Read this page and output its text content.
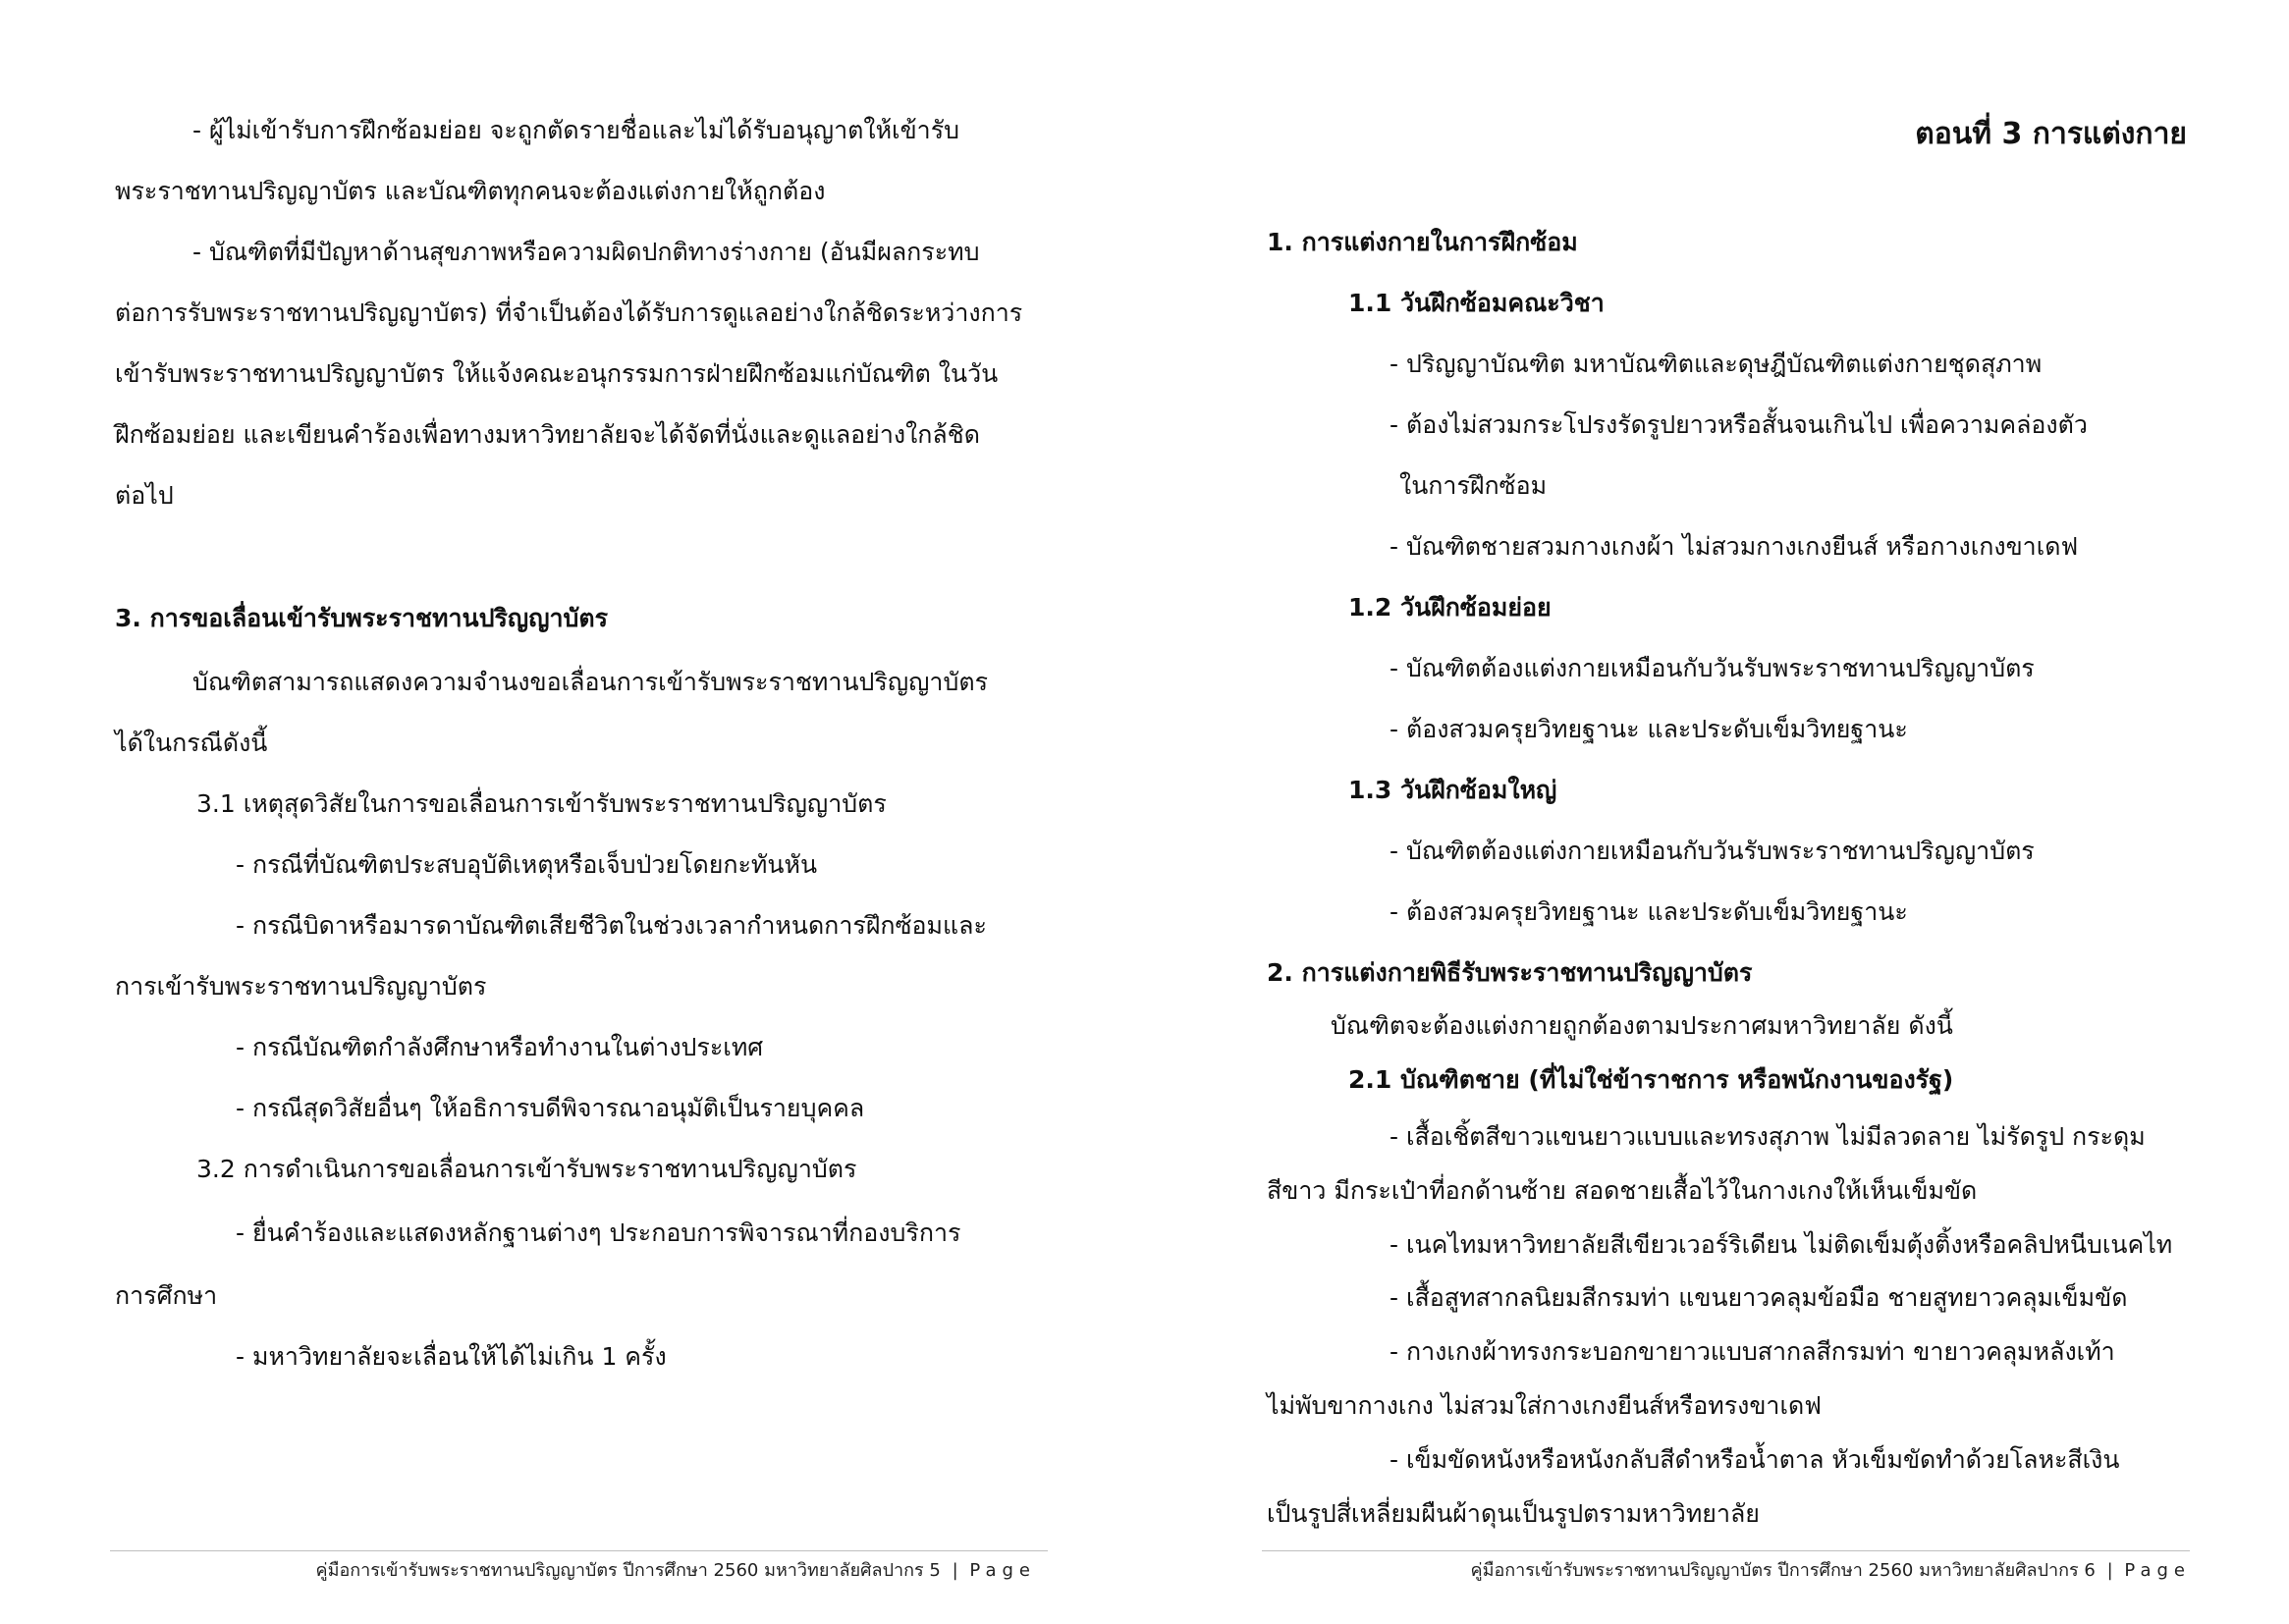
- ผู้ไม่เข้ารับการฝึกซ้อมย่อย จะถูกตัดรายชื่อและไม่ได้รับอนุญาตให้เข้ารับ
พระราชทานปริญญาบัตร และบัณฑิตทุกคนจะต้องแต่งกายให้ถูกต้อง
- บัณฑิตที่มีปัญหาด้านสุขภาพหรือความผิดปกติทางร่างกาย (อันมีผลกระทบ
ต่อการรับพระราชทานปริญญาบัตร) ที่จำเป็นต้องได้รับการดูแลอย่างใกล้ชิดระหว่างการ
เข้ารับพระราชทานปริญญาบัตร ให้แจ้งคณะอนุกรรมการฝ่ายฝึกซ้อมแก่บัณฑิต ในวัน
ฝึกซ้อมย่อย และเขียนคำร้องเพื่อทางมหาวิทยาลัยจะได้จัดที่นั่งและดูแลอย่างใกล้ชิด
ต่อไป
3. การขอเลื่อนเข้ารับพระราชทานปริญญาบัตร
บัณฑิตสามารถแสดงความจำนงขอเลื่อนการเข้ารับพระราชทานปริญญาบัตร
ได้ในกรณีดังนี้
3.1 เหตุสุดวิสัยในการขอเลื่อนการเข้ารับพระราชทานปริญญาบัตร
- กรณีที่บัณฑิตประสบอุบัติเหตุหรือเจ็บป่วยโดยกะทันหัน
- กรณีบิดาหรือมารดาบัณฑิตเสียชีวิตในช่วงเวลากำหนดการฝึกซ้อมและ
การเข้ารับพระราชทานปริญญาบัตร
- กรณีบัณฑิตกำลังศึกษาหรือทำงานในต่างประเทศ
- กรณีสุดวิสัยอื่นๆ ให้อธิการบดีพิจารณาอนุมัติเป็นรายบุคคล
3.2 การดำเนินการขอเลื่อนการเข้ารับพระราชทานปริญญาบัตร
- ยื่นคำร้องและแสดงหลักฐานต่างๆ ประกอบการพิจารณาที่กองบริการ
การศึกษา
- มหาวิทยาลัยจะเลื่อนให้ได้ไม่เกิน 1 ครั้ง
คู่มือการเข้ารับพระราชทานปริญญาบัตร ปีการศึกษา 2560 มหาวิทยาลัยศิลปากร 5 | Page
ตอนที่ 3 การแต่งกาย
1. การแต่งกายในการฝึกซ้อม
1.1 วันฝึกซ้อมคณะวิชา
- ปริญญาบัณฑิต มหาบัณฑิตและดุษฎีบัณฑิตแต่งกายชุดสุภาพ
- ต้องไม่สวมกระโปรงรัดรูปยาวหรือสั้นจนเกินไป เพื่อความคล่องตัว
ในการฝึกซ้อม
- บัณฑิตชายสวมกางเกงผ้า ไม่สวมกางเกงยีนส์ หรือกางเกงขาเดฟ
1.2 วันฝึกซ้อมย่อย
- บัณฑิตต้องแต่งกายเหมือนกับวันรับพระราชทานปริญญาบัตร
- ต้องสวมครุยวิทยฐานะ และประดับเข็มวิทยฐานะ
1.3 วันฝึกซ้อมใหญ่
- บัณฑิตต้องแต่งกายเหมือนกับวันรับพระราชทานปริญญาบัตร
- ต้องสวมครุยวิทยฐานะ และประดับเข็มวิทยฐานะ
2. การแต่งกายพิธีรับพระราชทานปริญญาบัตร
บัณฑิตจะต้องแต่งกายถูกต้องตามประกาศมหาวิทยาลัย ดังนี้
2.1 บัณฑิตชาย (ที่ไม่ใช่ข้าราชการ หรือพนักงานของรัฐ)
- เสื้อเชิ้ตสีขาวแขนยาวแบบและทรงสุภาพ ไม่มีลวดลาย ไม่รัดรูป กระดุม
สีขาว มีกระเป๋าที่อกด้านซ้าย สอดชายเสื้อไว้ในกางเกงให้เห็นเข็มขัด
- เนคไทมหาวิทยาลัยสีเขียวเวอร์ริเดียน ไม่ติดเข็มตุ้งติ้งหรือคลิปหนีบเนคไท
- เสื้อสูทสากลนิยมสีกรมท่า แขนยาวคลุมข้อมือ ชายสูทยาวคลุมเข็มขัด
- กางเกงผ้าทรงกระบอกขายาวแบบสากลสีกรมท่า ขายาวคลุมหลังเท้า
ไม่พับขากางเกง ไม่สวมใส่กางเกงยีนส์หรือทรงขาเดฟ
- เข็มขัดหนังหรือหนังกลับสีดำหรือน้ำตาล หัวเข็มขัดทำด้วยโลหะสีเงิน
เป็นรูปสี่เหลี่ยมผืนผ้าดุนเป็นรูปตรามหาวิทยาลัย
คู่มือการเข้ารับพระราชทานปริญญาบัตร ปีการศึกษา 2560 มหาวิทยาลัยศิลปากร 6 | Page
